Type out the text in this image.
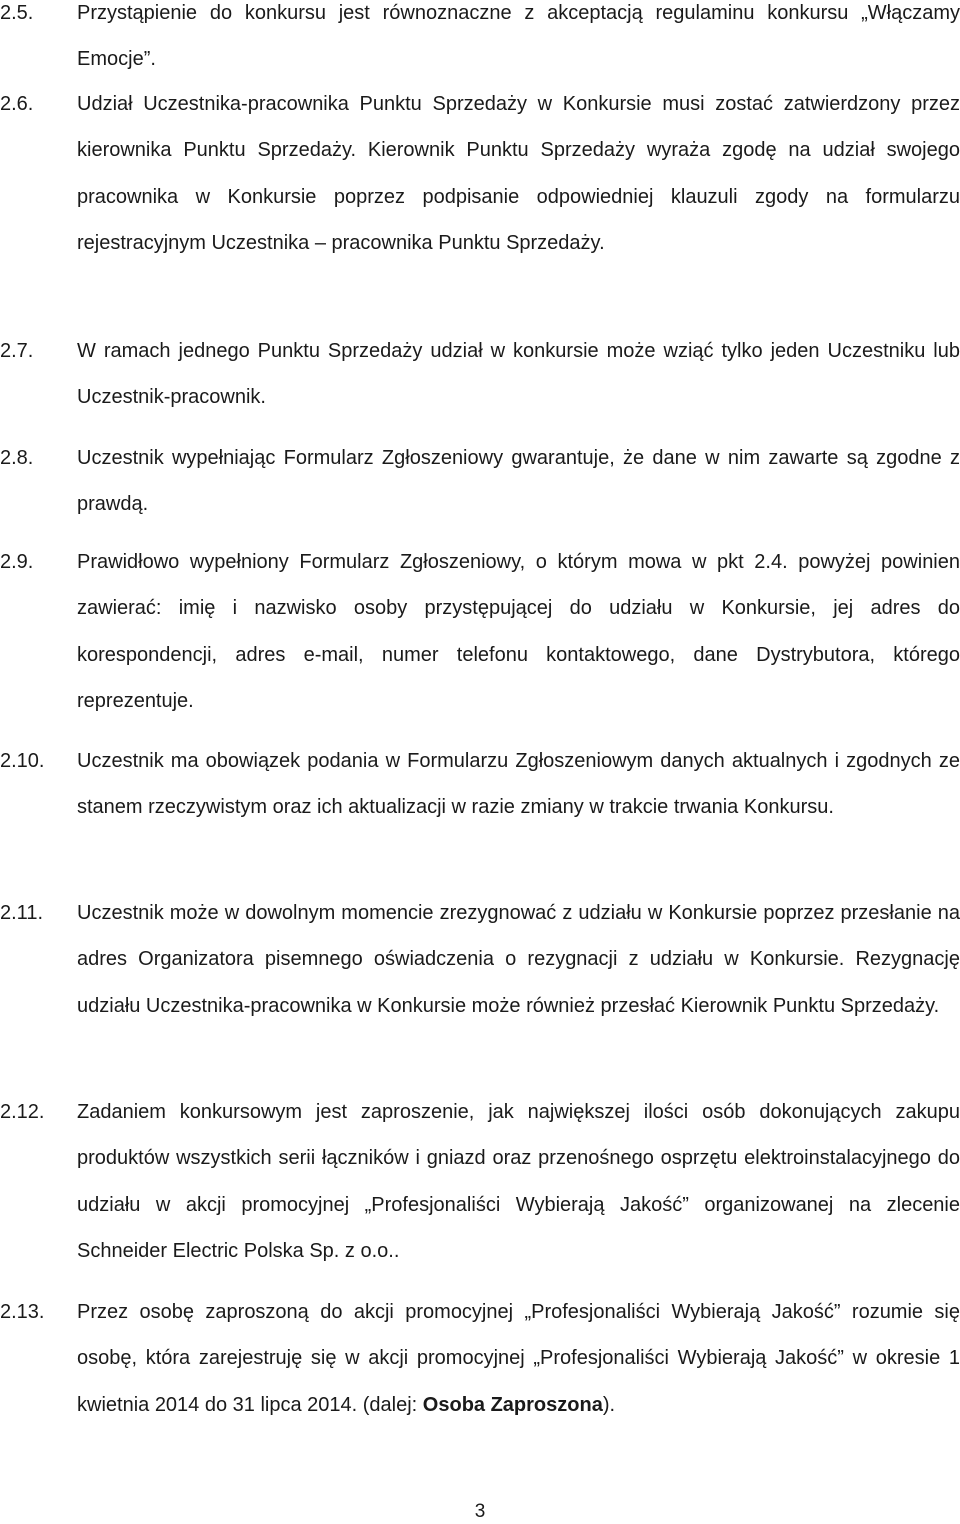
2.5. Przystąpienie do konkursu jest równoznaczne z akceptacją regulaminu konkursu „Włączamy Emocje”.
2.6. Udział Uczestnika-pracownika Punktu Sprzedaży w Konkursie musi zostać zatwierdzony przez kierownika Punktu Sprzedaży. Kierownik Punktu Sprzedaży wyraża zgodę na udział swojego pracownika w Konkursie poprzez podpisanie odpowiedniej klauzuli zgody na formularzu rejestracyjnym Uczestnika – pracownika Punktu Sprzedaży.
2.7. W ramach jednego Punktu Sprzedaży udział w konkursie może wziąć tylko jeden Uczestniku lub Uczestnik-pracownik.
2.8. Uczestnik wypełniając Formularz Zgłoszeniowy gwarantuje, że dane w nim zawarte są zgodne z prawdą.
2.9. Prawidłowo wypełniony Formularz Zgłoszeniowy, o którym mowa w pkt 2.4. powyżej powinien zawierać: imię i nazwisko osoby przystępującej do udziału w Konkursie, jej adres do korespondencji, adres e-mail, numer telefonu kontaktowego, dane Dystrybutora, którego reprezentuje.
2.10. Uczestnik ma obowiązek podania w Formularzu Zgłoszeniowym danych aktualnych i zgodnych ze stanem rzeczywistym oraz ich aktualizacji w razie zmiany w trakcie trwania Konkursu.
2.11. Uczestnik może w dowolnym momencie zrezygnować z udziału w Konkursie poprzez przesłanie na adres Organizatora pisemnego oświadczenia o rezygnacji z udziału w Konkursie. Rezygnację udziału Uczestnika-pracownika w Konkursie może również przesłać Kierownik Punktu Sprzedaży.
2.12. Zadaniem konkursowym jest zaproszenie, jak największej ilości osób dokonujących zakupu produktów wszystkich serii łączników i gniazd oraz przenośnego osprzętu elektroinstalacyjnego do udziału w akcji promocyjnej „Profesjonaliści Wybierają Jakość” organizowanej na zlecenie Schneider Electric Polska Sp. z o.o..
2.13. Przez osobę zaproszoną do akcji promocyjnej „Profesjonaliści Wybierają Jakość” rozumie się osobę, która zarejestruję się w akcji promocyjnej „Profesjonaliści Wybierają Jakość” w okresie 1 kwietnia 2014 do 31 lipca 2014. (dalej: Osoba Zaproszona).
3
